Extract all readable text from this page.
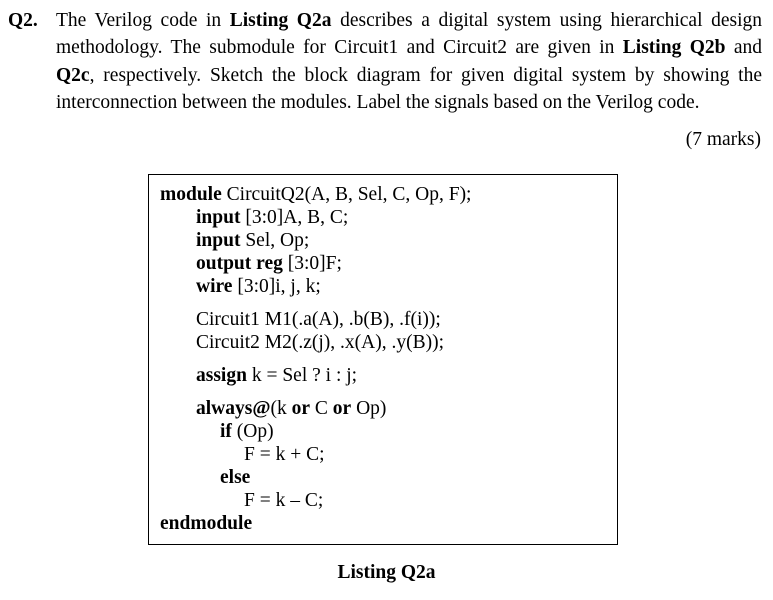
Q2. The Verilog code in Listing Q2a describes a digital system using hierarchical design methodology. The submodule for Circuit1 and Circuit2 are given in Listing Q2b and Q2c, respectively. Sketch the block diagram for given digital system by showing the interconnection between the modules. Label the signals based on the Verilog code.
(7 marks)
module CircuitQ2(A, B, Sel, C, Op, F);
input [3:0]A, B, C;
input Sel, Op;
output reg [3:0]F;
wire [3:0]i, j, k;
Circuit1 M1(.a(A), .b(B), .f(i));
Circuit2 M2(.z(j), .x(A), .y(B));
assign k = Sel ? i : j;
always@(k or C or Op)
if (Op)
F = k + C;
else
F = k – C;
endmodule
Listing Q2a
